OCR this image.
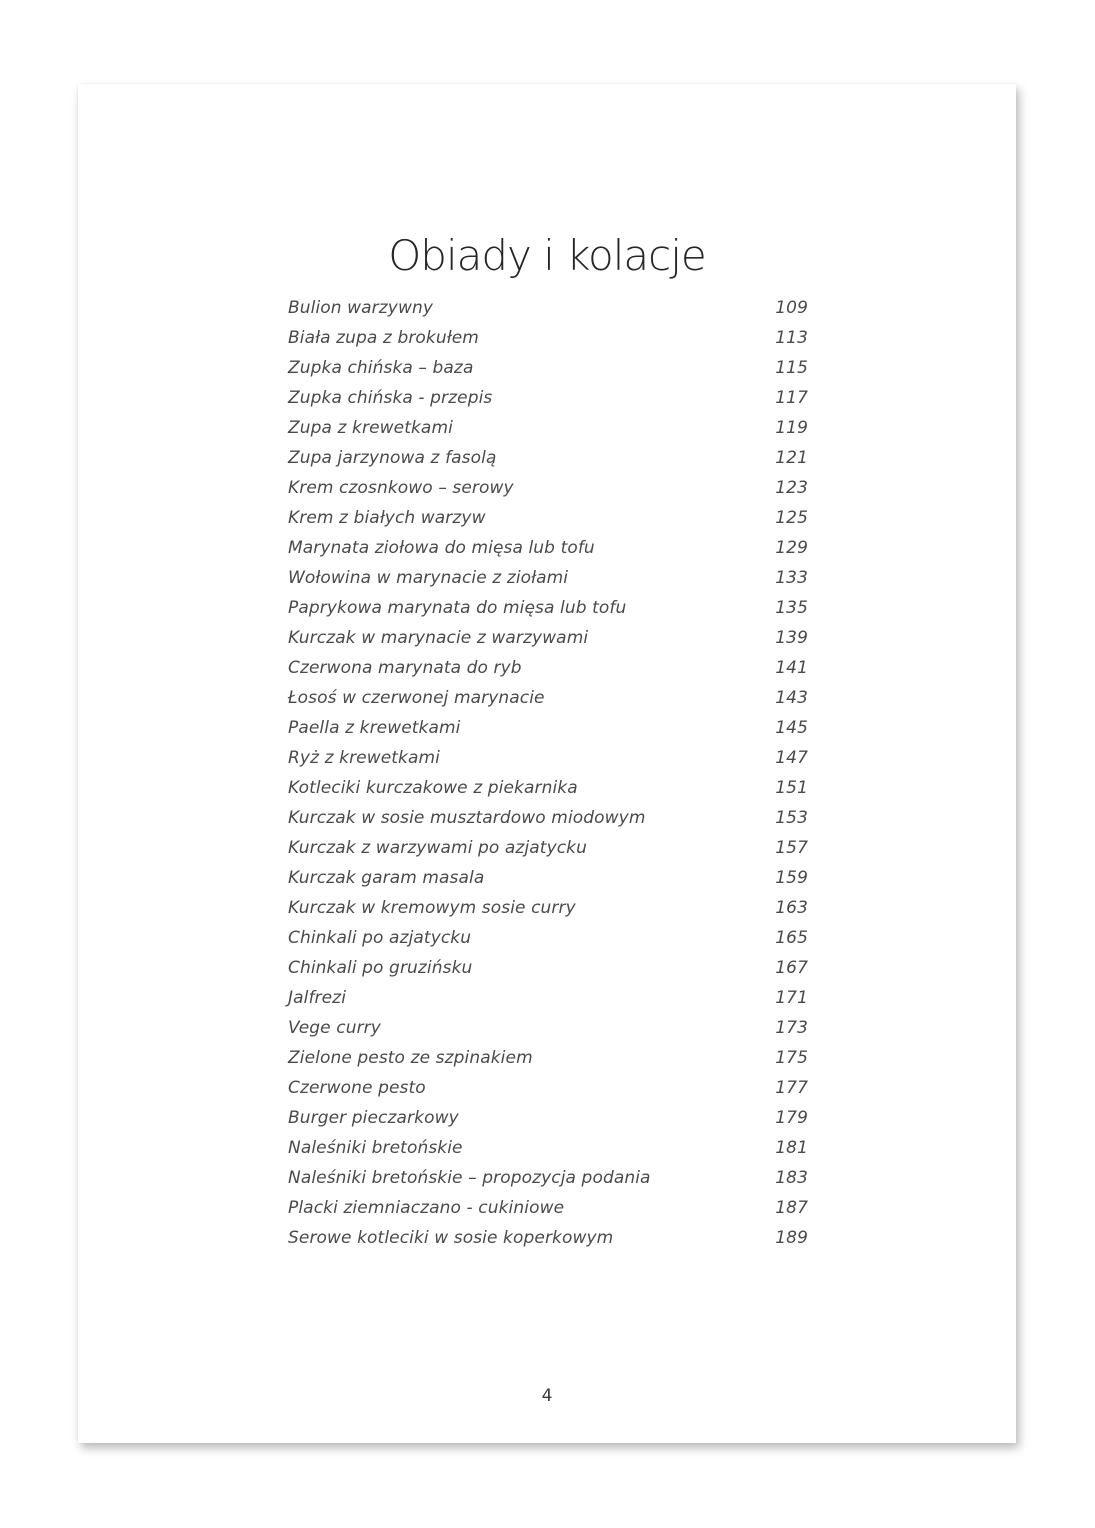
Obiady i kolacje
Bulion warzywny	109
Biała zupa z brokułem	113
Zupka chińska – baza	115
Zupka chińska - przepis	117
Zupa z krewetkami	119
Zupa jarzynowa z fasolą	121
Krem czosnkowo – serowy	123
Krem z białych warzyw	125
Marynata ziołowa do mięsa lub tofu	129
Wołowina w marynacie z ziołami	133
Paprykowa marynata do mięsa lub tofu	135
Kurczak w marynacie z warzywami	139
Czerwona marynata do ryb	141
Łosoś w czerwonej marynacie	143
Paella z krewetkami	145
Ryż z krewetkami	147
Kotleciki kurczakowe z piekarnika	151
Kurczak w sosie musztardowo miodowym	153
Kurczak z warzywami po azjatycku	157
Kurczak garam masala	159
Kurczak w kremowym sosie curry	163
Chinkali po azjatycku	165
Chinkali po gruzińsku	167
Jalfrezi	171
Vege curry	173
Zielone pesto ze szpinakiem	175
Czerwone pesto	177
Burger pieczarkowy	179
Naleśniki bretońskie	181
Naleśniki bretońskie – propozycja podania	183
Placki ziemniaczano - cukiniowe	187
Serowe kotleciki w sosie koperkowym	189
4
